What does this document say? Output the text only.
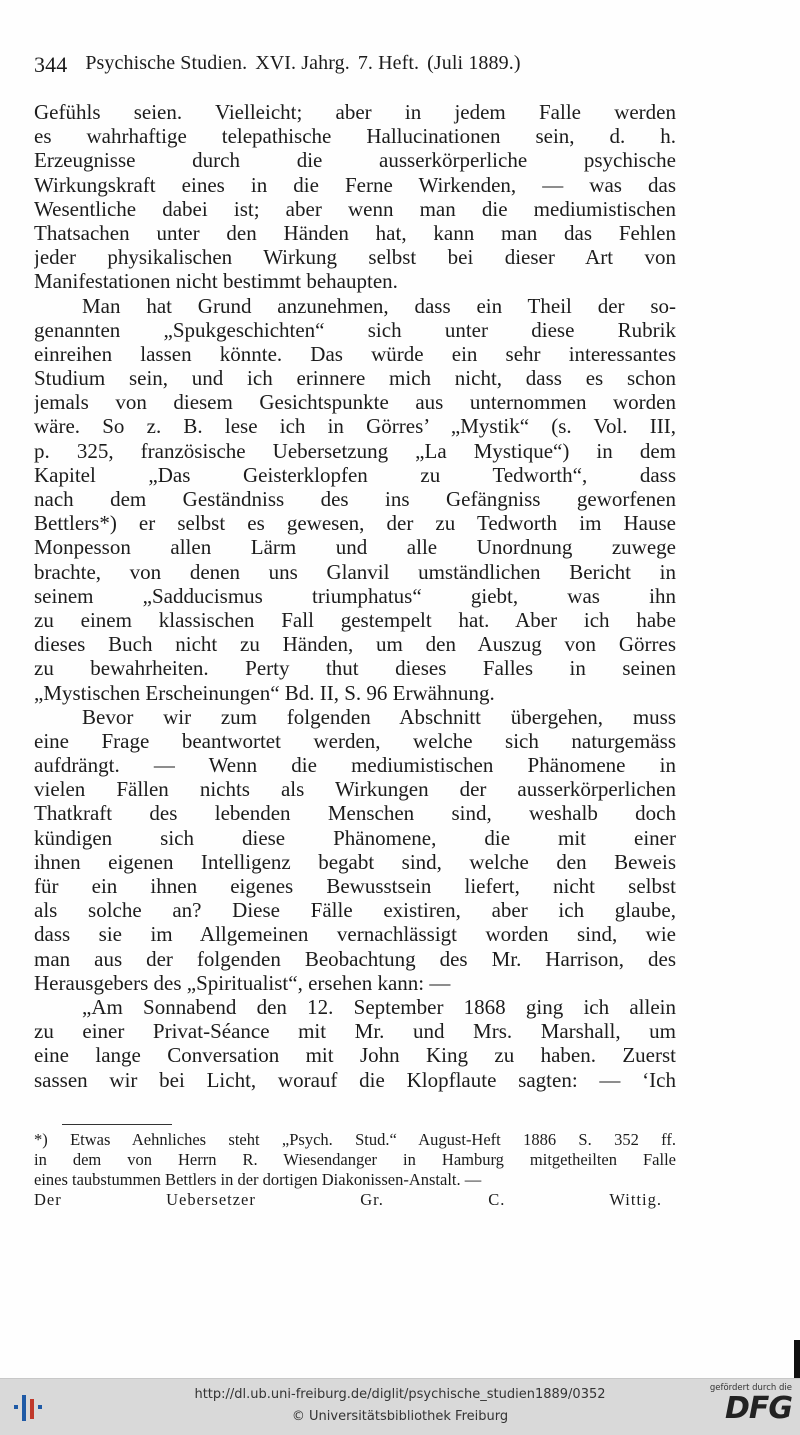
344 Psychische Studien. XVI. Jahrg. 7. Heft. (Juli 1889.)
Gefühls seien. Vielleicht; aber in jedem Falle werden
es wahrhaftige telepathische Hallucinationen sein, d. h.
Erzeugnisse durch die ausserkörperliche psychische
Wirkungskraft eines in die Ferne Wirkenden, — was das
Wesentliche dabei ist; aber wenn man die mediumistischen
Thatsachen unter den Händen hat, kann man das Fehlen
jeder physikalischen Wirkung selbst bei dieser Art von
Manifestationen nicht bestimmt behaupten.
Man hat Grund anzunehmen, dass ein Theil der so-
genannten „Spukgeschichten“ sich unter diese Rubrik
einreihen lassen könnte. Das würde ein sehr interessantes
Studium sein, und ich erinnere mich nicht, dass es schon
jemals von diesem Gesichtspunkte aus unternommen worden
wäre. So z. B. lese ich in Görres’ „Mystik“ (s. Vol. III,
p. 325, französische Uebersetzung „La Mystique“) in dem
Kapitel „Das Geisterklopfen zu Tedworth“, dass
nach dem Geständniss des ins Gefängniss geworfenen
Bettlers*) er selbst es gewesen, der zu Tedworth im Hause
Monpesson allen Lärm und alle Unordnung zuwege
brachte, von denen uns Glanvil umständlichen Bericht in
seinem „Sadducismus triumphatus“ giebt, was ihn
zu einem klassischen Fall gestempelt hat. Aber ich habe
dieses Buch nicht zu Händen, um den Auszug von Görres
zu bewahrheiten. Perty thut dieses Falles in seinen
„Mystischen Erscheinungen“ Bd. II, S. 96 Erwähnung.
Bevor wir zum folgenden Abschnitt übergehen, muss
eine Frage beantwortet werden, welche sich naturgemäss
aufdrängt. — Wenn die mediumistischen Phänomene in
vielen Fällen nichts als Wirkungen der ausserkörperlichen
Thatkraft des lebenden Menschen sind, weshalb doch
kündigen sich diese Phänomene, die mit einer
ihnen eigenen Intelligenz begabt sind, welche den Beweis
für ein ihnen eigenes Bewusstsein liefert, nicht selbst
als solche an? Diese Fälle existiren, aber ich glaube,
dass sie im Allgemeinen vernachlässigt worden sind, wie
man aus der folgenden Beobachtung des Mr. Harrison, des
Herausgebers des „Spiritualist“, ersehen kann: —
„Am Sonnabend den 12. September 1868 ging ich allein
zu einer Privat-Séance mit Mr. und Mrs. Marshall, um
eine lange Conversation mit John King zu haben. Zuerst
sassen wir bei Licht, worauf die Klopflaute sagten: — ‘Ich
*) Etwas Aehnliches steht „Psych. Stud.“ August-Heft 1886 S. 352 ff.
in dem von Herrn R. Wiesendanger in Hamburg mitgetheilten Falle
eines taubstummen Bettlers in der dortigen Diakonissen-Anstalt. —
Der Uebersetzer Gr. C. Wittig.
http://dl.ub.uni-freiburg.de/diglit/psychische_studien1889/0352
© Universitätsbibliothek Freiburg
gefördert durch die
DFG
